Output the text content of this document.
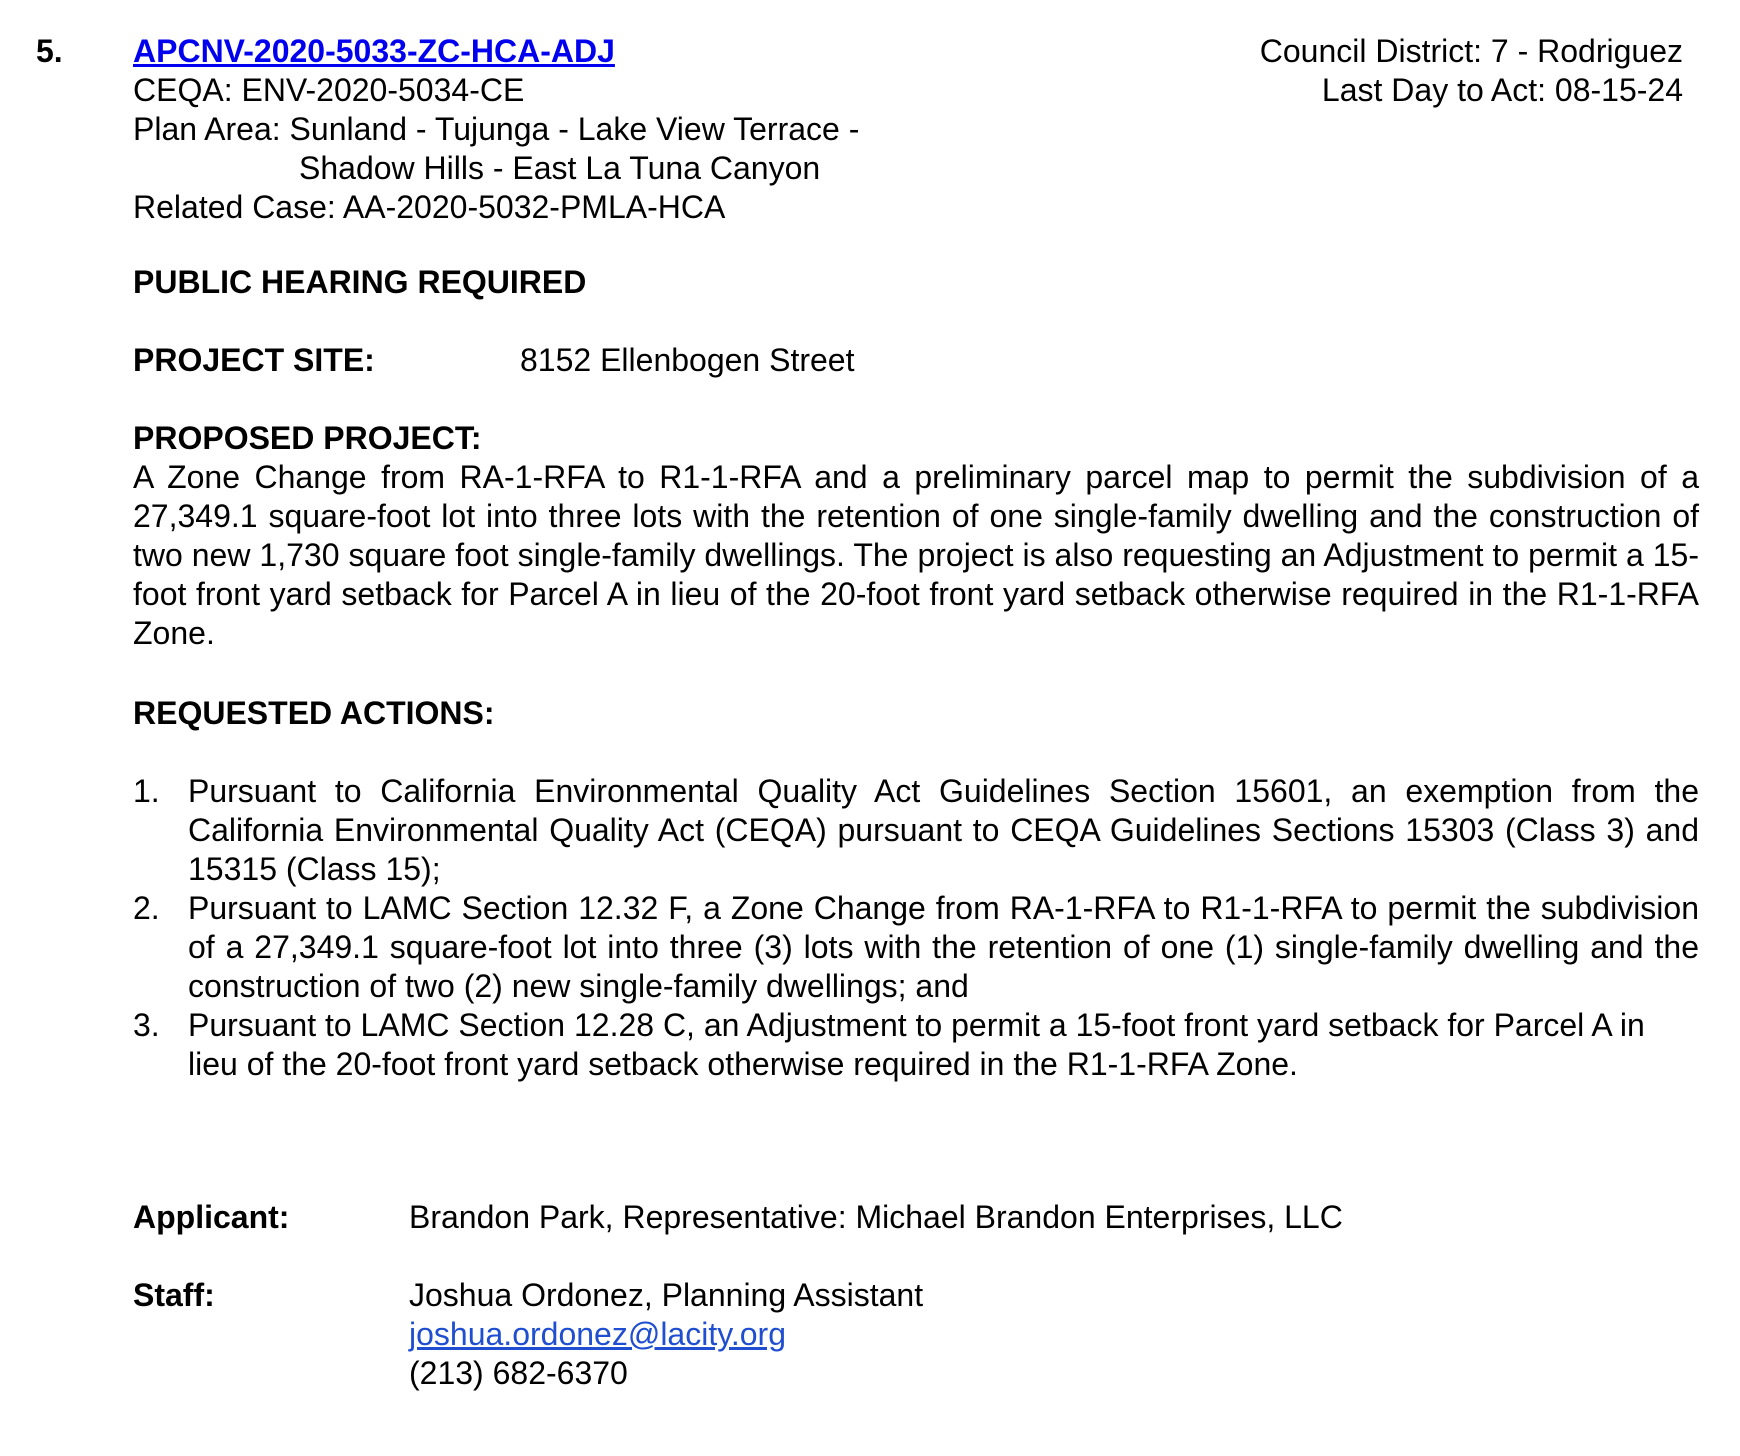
5. APCNV-2020-5033-ZC-HCA-ADJ
CEQA: ENV-2020-5034-CE
Plan Area: Sunland - Tujunga - Lake View Terrace -
Shadow Hills - East La Tuna Canyon
Related Case: AA-2020-5032-PMLA-HCA
Council District: 7 - Rodriguez
Last Day to Act: 08-15-24
PUBLIC HEARING REQUIRED
PROJECT SITE:	8152 Ellenbogen Street
PROPOSED PROJECT:
A Zone Change from RA-1-RFA to R1-1-RFA and a preliminary parcel map to permit the subdivision of a 27,349.1 square-foot lot into three lots with the retention of one single-family dwelling and the construction of two new 1,730 square foot single-family dwellings. The project is also requesting an Adjustment to permit a 15-foot front yard setback for Parcel A in lieu of the 20-foot front yard setback otherwise required in the R1-1-RFA Zone.
REQUESTED ACTIONS:
1. Pursuant to California Environmental Quality Act Guidelines Section 15601, an exemption from the California Environmental Quality Act (CEQA) pursuant to CEQA Guidelines Sections 15303 (Class 3) and 15315 (Class 15);
2. Pursuant to LAMC Section 12.32 F, a Zone Change from RA-1-RFA to R1-1-RFA to permit the subdivision of a 27,349.1 square-foot lot into three (3) lots with the retention of one (1) single-family dwelling and the construction of two (2) new single-family dwellings; and
3. Pursuant to LAMC Section 12.28 C, an Adjustment to permit a 15-foot front yard setback for Parcel A in lieu of the 20-foot front yard setback otherwise required in the R1-1-RFA Zone.
Applicant:	Brandon Park, Representative: Michael Brandon Enterprises, LLC
Staff:	Joshua Ordonez, Planning Assistant
joshua.ordonez@lacity.org
(213) 682-6370
